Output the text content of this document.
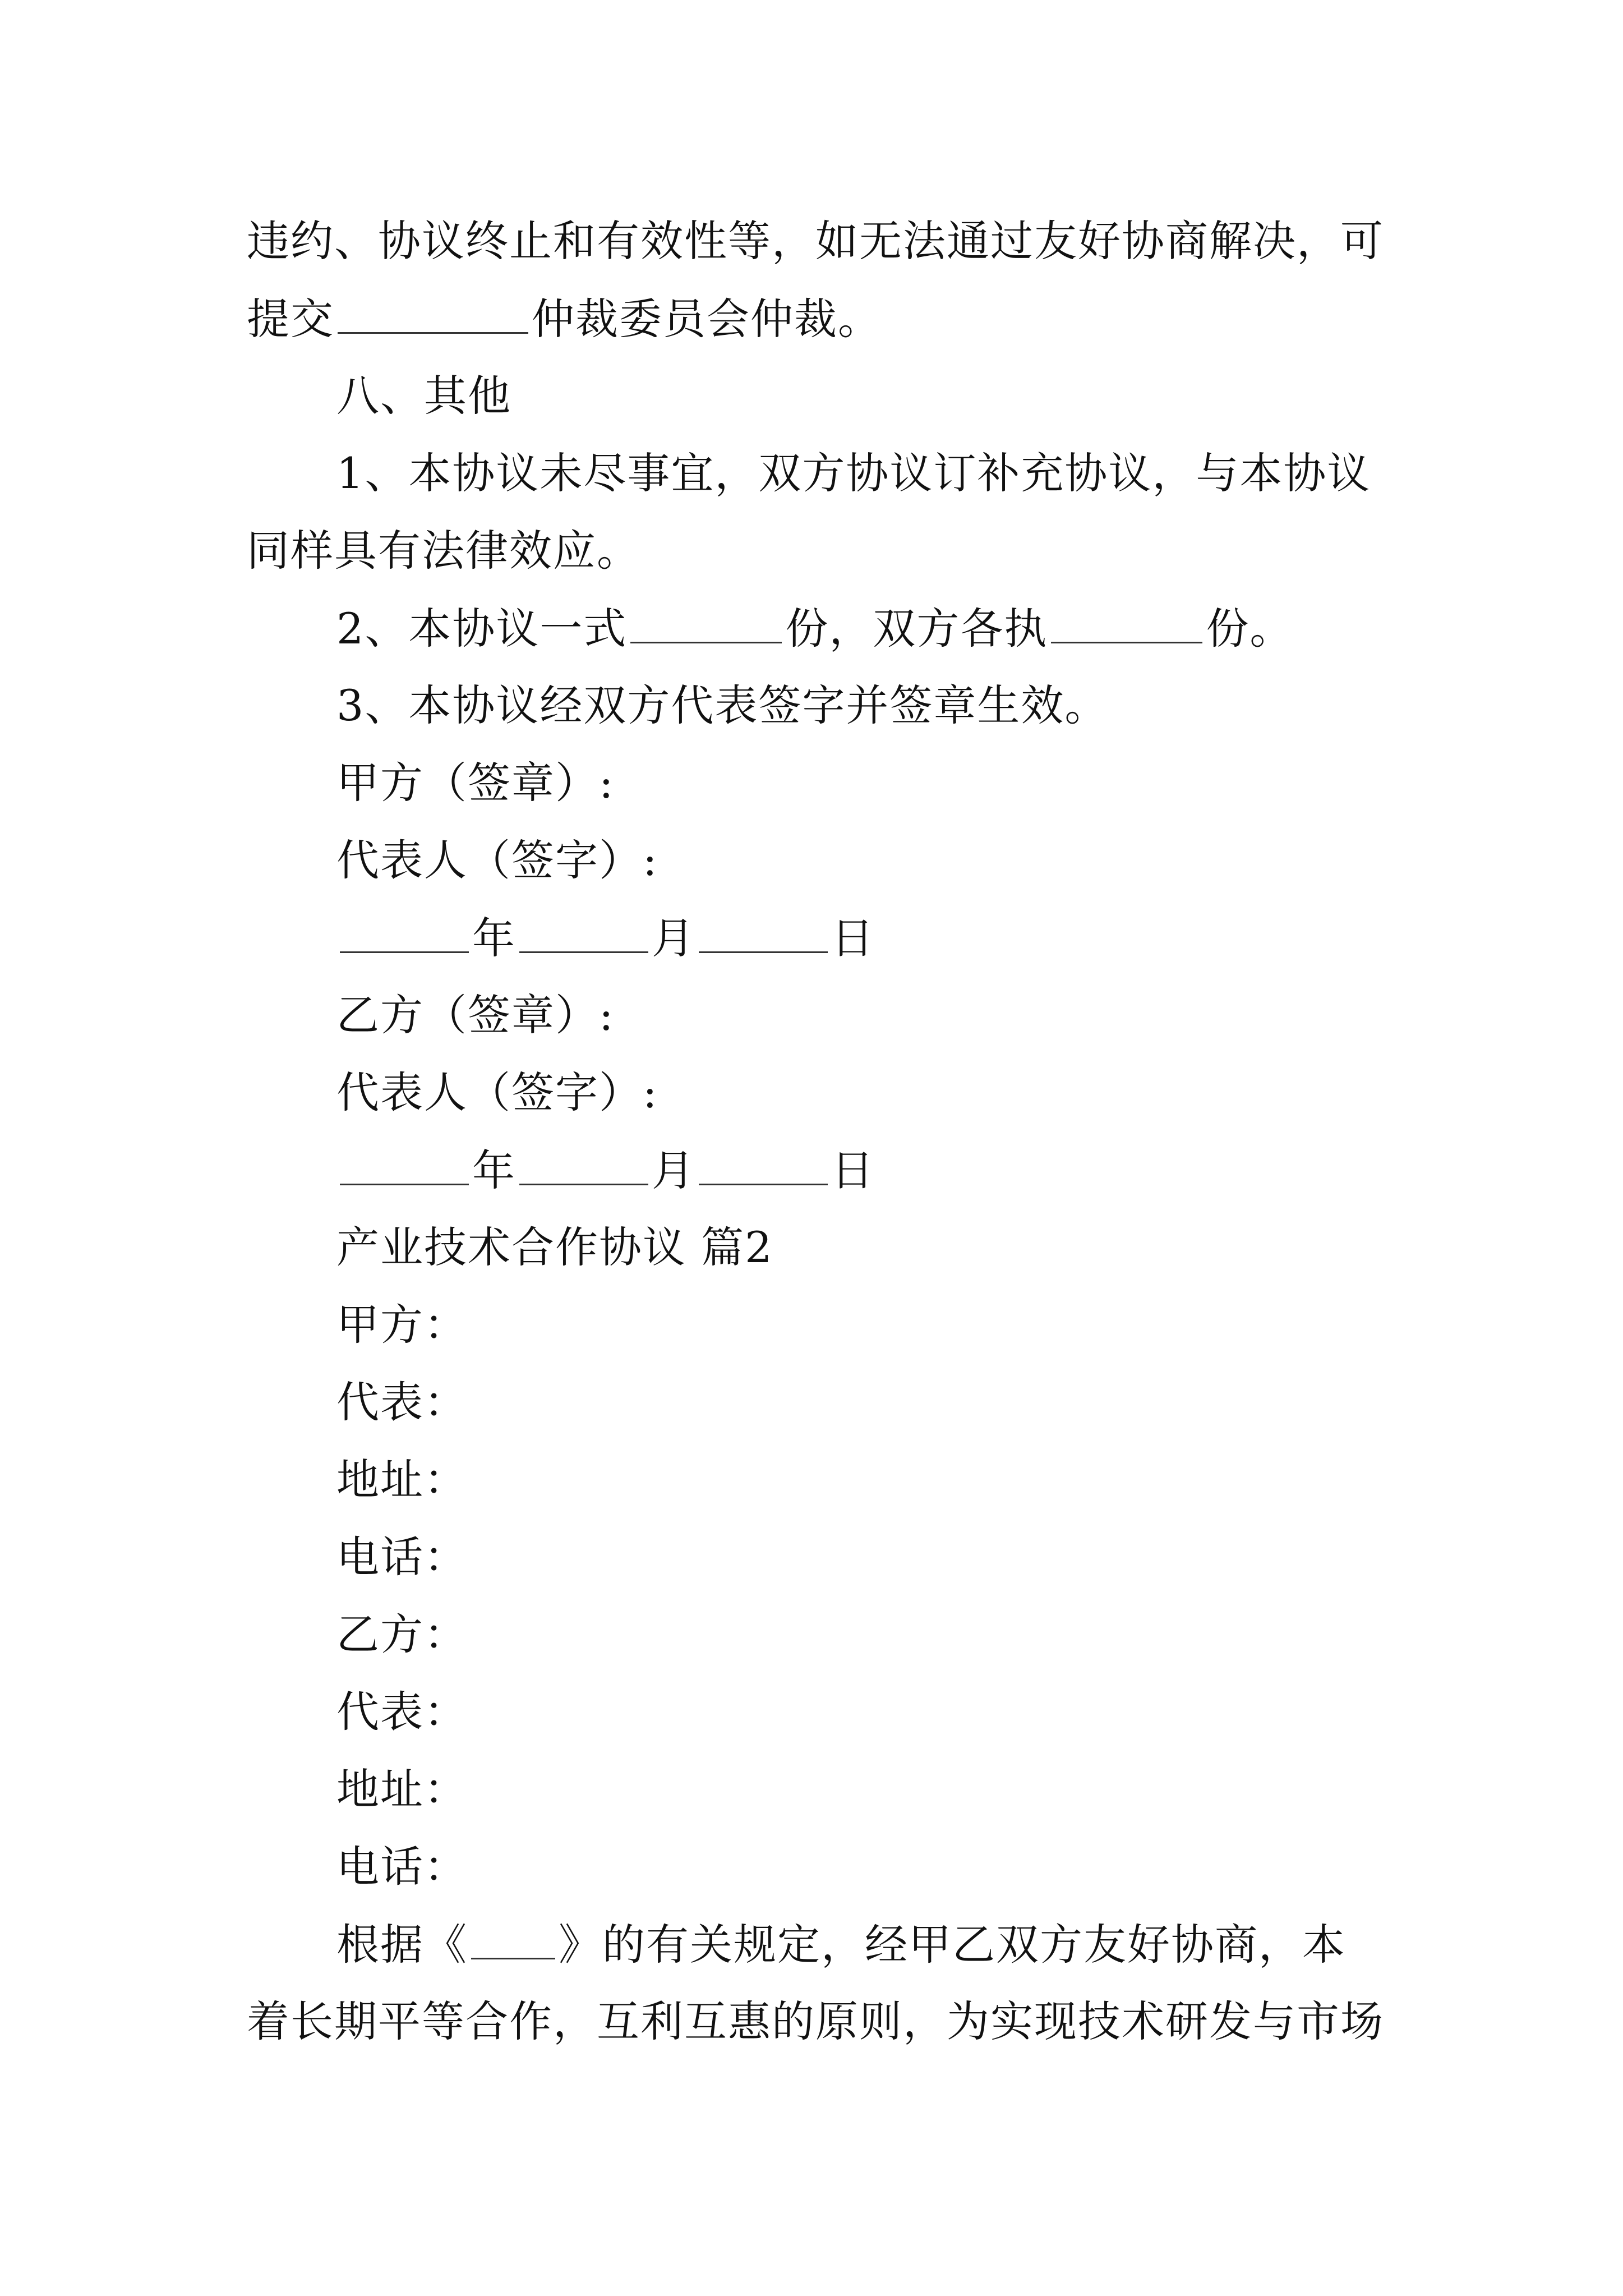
违约、协议终止和有效性等，如无法通过友好协商解决，可
提交	仲裁委员会仲裁。
八、其他
1、本协议未尽事宜，双方协议订补充协议，与本协议
同样具有法律效应。
2、本协议一式	份，双方各执	份。
3、本协议经双方代表签字并签章生效。
甲方（签章）:
代表人（签字）:
年	月	日
乙方（签章）:
代表人（签字）:
年	月	日
产业技术合作协议 篇2
甲方：
代表：
地址：
电话：
乙方：
代表：
地址：
电话：
根据《 》的有关规定，经甲乙双方友好协商，本
着长期平等合作，互利互惠的原则，为实现技术研发与市场
